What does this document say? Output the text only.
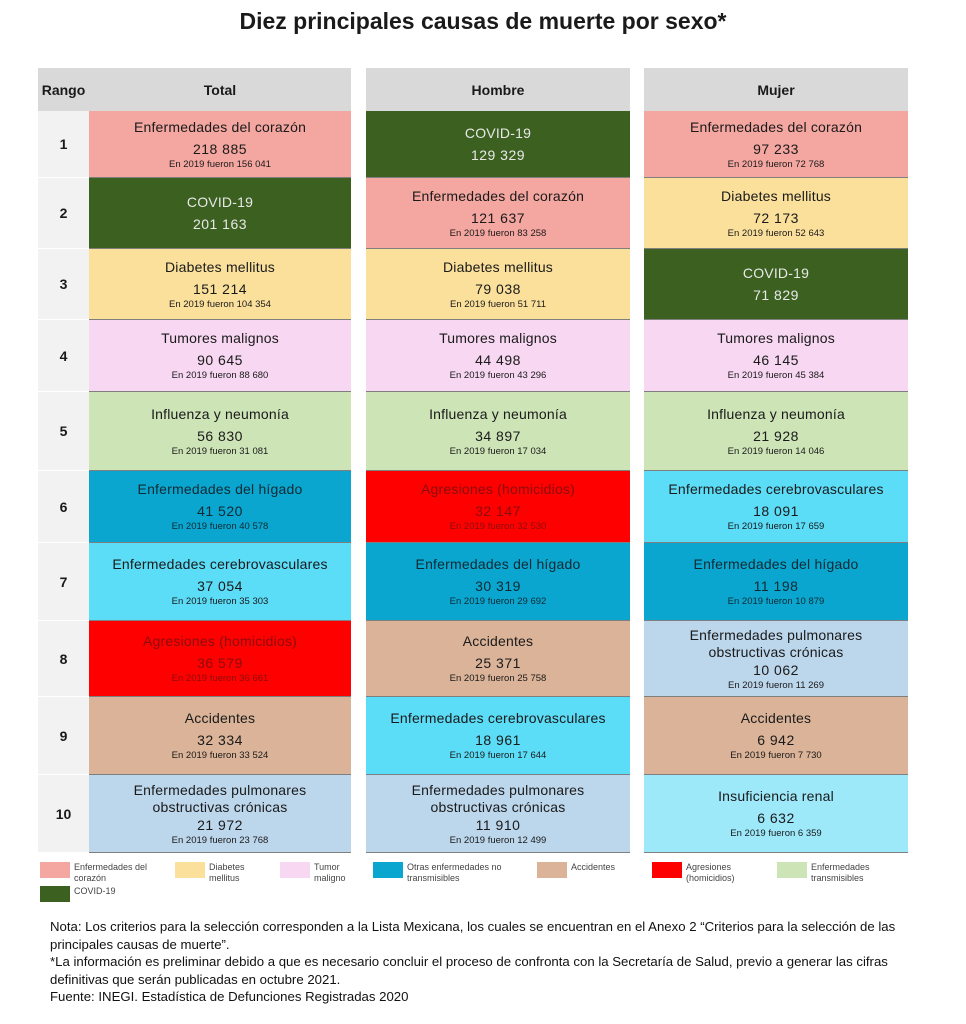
Diez principales causas de muerte por sexo*
Rango
1
2
3
4
5
6
7
8
9
10
Total
Enfermedades del corazón
218 885
En 2019 fueron 156 041
COVID-19
201 163
Diabetes mellitus
151 214
En 2019 fueron 104 354
Tumores malignos
90 645
En 2019 fueron 88 680
Influenza y neumonía
56 830
En 2019 fueron 31 081
Enfermedades del hígado
41 520
En 2019 fueron 40 578
Enfermedades cerebrovasculares
37 054
En 2019 fueron 35 303
Agresiones (homicidios)
36 579
En 2019 fueron 36 661
Accidentes
32 334
En 2019 fueron 33 524
Enfermedades pulmonares obstructivas crónicas
21 972
En 2019 fueron 23 768
Hombre
COVID-19
129 329
Enfermedades del corazón
121 637
En 2019 fueron 83 258
Diabetes mellitus
79 038
En 2019 fueron 51 711
Tumores malignos
44 498
En 2019 fueron 43 296
Influenza y neumonía
34 897
En 2019 fueron 17 034
Agresiones (homicidios)
32 147
En 2019 fueron 32 530
Enfermedades del hígado
30 319
En 2019 fueron 29 692
Accidentes
25 371
En 2019 fueron 25 758
Enfermedades cerebrovasculares
18 961
En 2019 fueron 17 644
Enfermedades pulmonares obstructivas crónicas
11 910
En 2019 fueron 12 499
Mujer
Enfermedades del corazón
97 233
En 2019 fueron 72 768
Diabetes mellitus
72 173
En 2019 fueron 52 643
COVID-19
71 829
Tumores malignos
46 145
En 2019 fueron 45 384
Influenza y neumonía
21 928
En 2019 fueron 14 046
Enfermedades cerebrovasculares
18 091
En 2019 fueron 17 659
Enfermedades del hígado
11 198
En 2019 fueron 10 879
Enfermedades pulmonares obstructivas crónicas
10 062
En 2019 fueron 11 269
Accidentes
6 942
En 2019 fueron 7 730
Insuficiencia renal
6 632
En 2019 fueron 6 359
Enfermedades del corazón
Diabetes mellitus
Tumor maligno
Otras enfermedades no transmisibles
Accidentes	Agresiones (homicidios)
Enfermedades transmisibles
COVID-19

Nota: Los criterios para la selección corresponden a la Lista Mexicana, los cuales se encuentran en el Anexo 2 “Criterios para la selección de las principales causas de muerte”.

*La información es preliminar debido a que es necesario concluir el proceso de confronta con la Secretaría de Salud, previo a generar las cifras definitivas que serán publicadas en octubre 2021.

Fuente: INEGI. Estadística de Defunciones Registradas 2020
